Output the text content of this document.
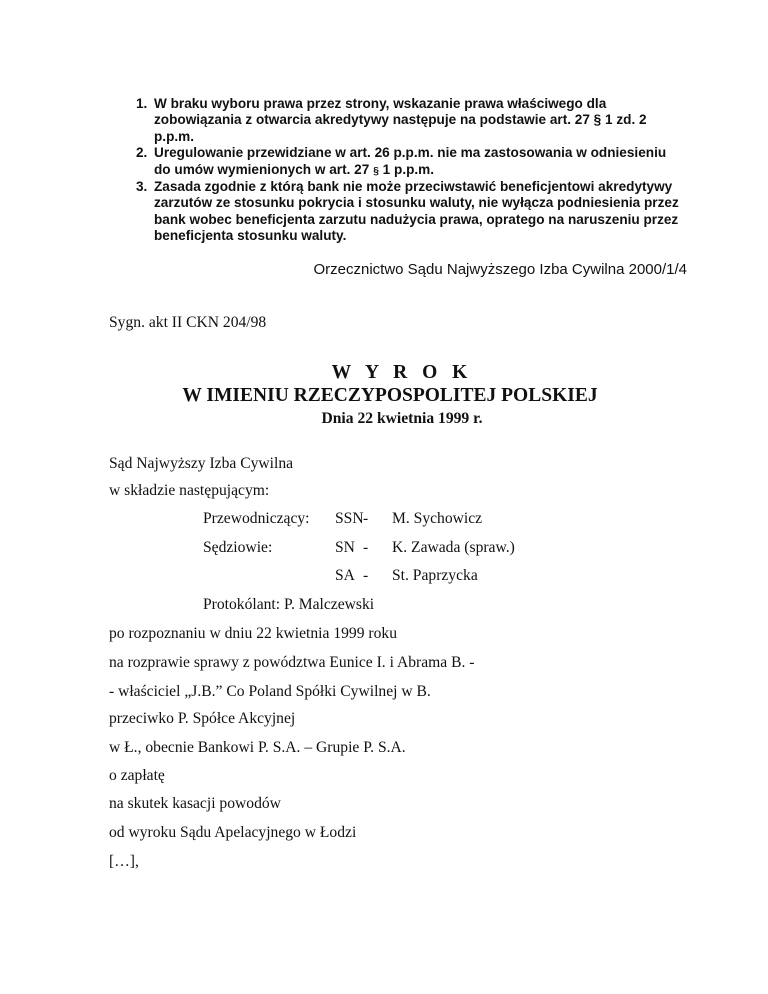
1. W braku wyboru prawa przez strony, wskazanie prawa właściwego dla zobowiązania z otwarcia akredytywy następuje na podstawie art. 27 § 1 zd. 2 p.p.m.
2. Uregulowanie przewidziane w art. 26 p.p.m. nie ma zastosowania w odniesieniu do umów wymienionych w art. 27 § 1 p.p.m.
3. Zasada zgodnie z którą bank nie może przeciwstawić beneficjentowi akredytywy zarzutów ze stosunku pokrycia i stosunku waluty, nie wyłącza podniesienia przez bank wobec beneficjenta zarzutu nadużycia prawa, opratego na naruszeniu przez beneficjenta stosunku waluty.
Orzecznictwo Sądu Najwyższego Izba Cywilna 2000/1/4
Sygn. akt II CKN 204/98
W Y R O K
W IMIENIU RZECZYPOSPOLITEJ POLSKIEJ
Dnia 22 kwietnia 1999 r.
Sąd Najwyższy Izba Cywilna
w składzie następującym:
Przewodniczący: SSN - M. Sychowicz
Sędziowie:	SN - K. Zawada (spraw.)
SA - St. Paprzycka
Protokólant: P. Malczewski
po rozpoznaniu w dniu 22 kwietnia 1999 roku
na rozprawie sprawy z powództwa Eunice I. i Abrama B. -
- właściciel „J.B.” Co Poland Spółki Cywilnej w B.
przeciwko P. Spółce Akcyjnej
w Ł., obecnie Bankowi P. S.A. – Grupie P. S.A.
o zapłatę
na skutek kasacji powodów
od wyroku Sądu Apelacyjnego w Łodzi
[…],
